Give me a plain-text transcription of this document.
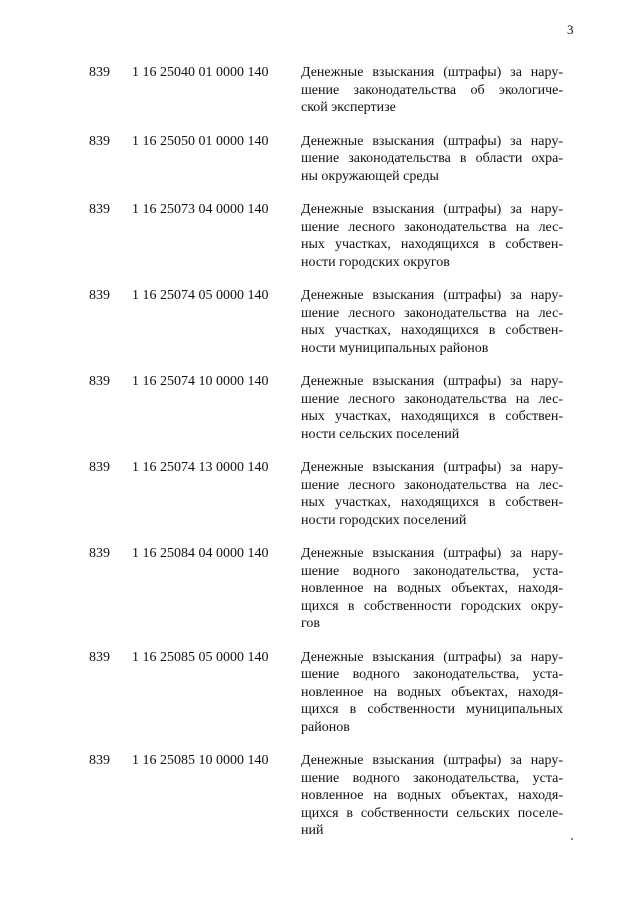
3
839	1 16 25040 01 0000 140	Денежные взыскания (штрафы) за нару-
шение законодательства об экологиче-
ской экспертизе
839	1 16 25050 01 0000 140	Денежные взыскания (штрафы) за нару-
шение законодательства в области охра-
ны окружающей среды
839	1 16 25073 04 0000 140	Денежные взыскания (штрафы) за нару-
шение лесного законодательства на лес-
ных участках, находящихся в собствен-
ности городских округов
839	1 16 25074 05 0000 140	Денежные взыскания (штрафы) за нару-
шение лесного законодательства на лес-
ных участках, находящихся в собствен-
ности муниципальных районов
839	1 16 25074 10 0000 140	Денежные взыскания (штрафы) за нару-
шение лесного законодательства на лес-
ных участках, находящихся в собствен-
ности сельских поселений
839	1 16 25074 13 0000 140	Денежные взыскания (штрафы) за нару-
шение лесного законодательства на лес-
ных участках, находящихся в собствен-
ности городских поселений
839	1 16 25084 04 0000 140	Денежные взыскания (штрафы) за нару-
шение водного законодательства, уста-
новленное на водных объектах, находя-
щихся в собственности городских окру-
гов
839	1 16 25085 05 0000 140	Денежные взыскания (штрафы) за нару-
шение водного законодательства, уста-
новленное на водных объектах, находя-
щихся в собственности муниципальных
районов
839	1 16 25085 10 0000 140	Денежные взыскания (штрафы) за нару-
шение водного законодательства, уста-
новленное на водных объектах, находя-
щихся в собственности сельских поселе-
ний
